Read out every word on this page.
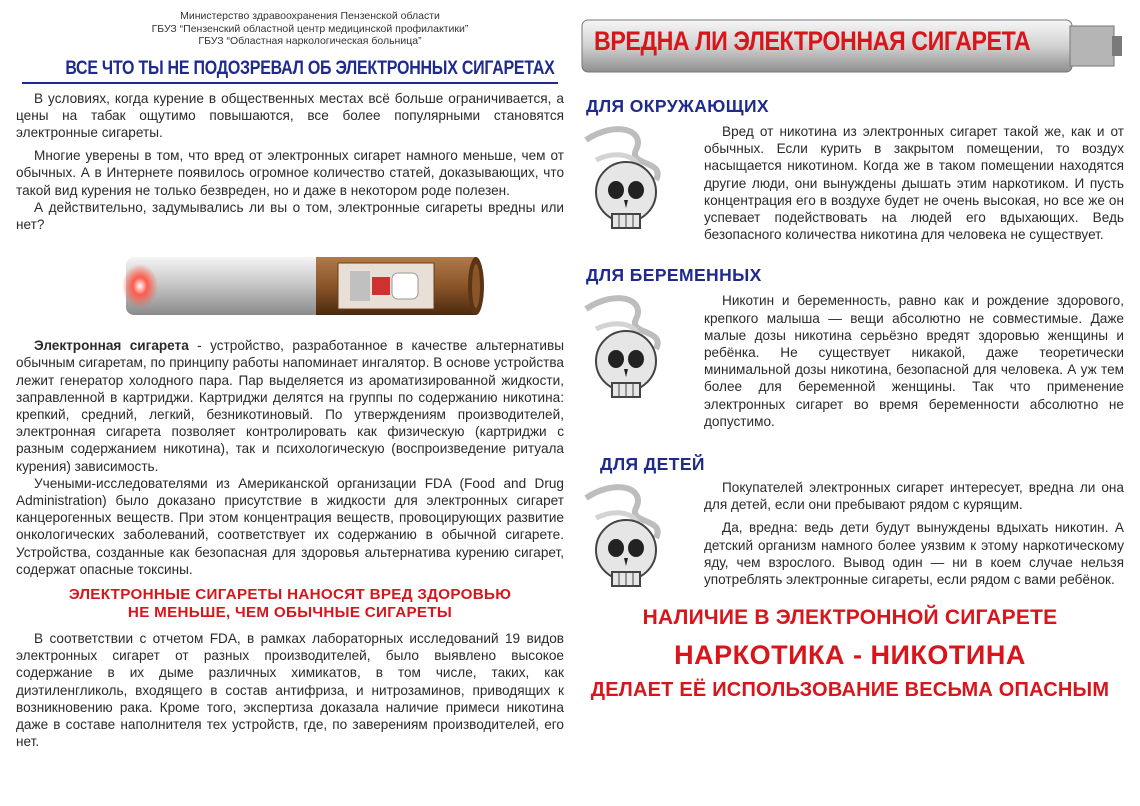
Министерство здравоохранения Пензенской области
ГБУЗ “Пензенский областной центр медицинской профилактики”
ГБУЗ “Областная наркологическая больница”
ВСЕ ЧТО ТЫ НЕ ПОДОЗРЕВАЛ ОБ ЭЛЕКТРОННЫХ СИГАРЕТАХ

В условиях, когда курение в общественных местах всё больше ограничивается, а цены на табак ощутимо повышаются, все более популярными становятся электронные сигареты.

Многие уверены в том, что вред от электронных сигарет намного меньше, чем от обычных. А в Интернете появилось огромное количество статей, доказывающих, что такой вид курения не только безвреден, но и даже в некотором роде полезен.

А действительно, задумывались ли вы о том, электронные сигареты вредны или нет?

Электронная сигарета - устройство, разработанное в качестве альтернативы обычным сигаретам, по принципу работы напоминает ингалятор. В основе устройства лежит генератор холодного пара. Пар выделяется из ароматизированной жидкости, заправленной в картриджи. Картриджи делятся на группы по содержанию никотина: крепкий, средний, легкий, безникотиновый. По утверждениям производителей, электронная сигарета позволяет контролировать как физическую (картриджи с разным содержанием никотина), так и психологическую (воспроизведение ритуала курения) зависимость.

Учеными-исследователями из Американской организации FDA (Food and Drug Administration) было доказано присутствие в жидкости для электронных сигарет канцерогенных веществ. При этом концентрация веществ, провоцирующих развитие онкологических заболеваний, соответствует их содержанию в обычной сигарете. Устройства, созданные как безопасная для здоровья альтернатива курению сигарет, содержат опасные токсины.

ЭЛЕКТРОННЫЕ СИГАРЕТЫ НАНОСЯТ ВРЕД ЗДОРОВЬЮ
НЕ МЕНЬШЕ, ЧЕМ ОБЫЧНЫЕ СИГАРЕТЫ

В соответствии с отчетом FDA, в рамках лабораторных исследований 19 видов электронных сигарет от разных производителей, было выявлено высокое содержание в их дыме различных химикатов, в том числе, таких, как диэтиленгликоль, входящего в состав антифриза, и нитрозаминов, приводящих к возникновению рака. Кроме того, экспертиза доказала наличие примеси никотина даже в составе наполнителя тех устройств, где, по заверениям производителей, его нет.

ВРЕДНА ЛИ ЭЛЕКТРОННАЯ СИГАРЕТА
ДЛЯ ОКРУЖАЮЩИХ

Вред от никотина из электронных сигарет такой же, как и от обычных. Если курить в закрытом помещении, то воздух насыщается никотином. Когда же в таком помещении находятся другие люди, они вынуждены дышать этим наркотиком. И пусть концентрация его в воздухе будет не очень высокая, но все же он успевает подействовать на людей его вдыхающих. Ведь безопасного количества никотина для человека не существует.

ДЛЯ БЕРЕМЕННЫХ

Никотин и беременность, равно как и рождение здорового, крепкого малыша — вещи абсолютно не совместимые. Даже малые дозы никотина серьёзно вредят здоровью женщины и ребёнка. Не существует никакой, даже теоретически минимальной дозы никотина, безопасной для человека. А уж тем более для беременной женщины. Так что применение электронных сигарет во время беременности абсолютно не допустимо.

ДЛЯ ДЕТЕЙ

Покупателей электронных сигарет интересует, вредна ли она для детей, если они пребывают рядом с курящим.

Да, вредна: ведь дети будут вынуждены вдыхать никотин. А детский организм намного более уязвим к этому наркотическому яду, чем взрослого. Вывод один — ни в коем случае нельзя употреблять электронные сигареты, если рядом с вами ребёнок.

НАЛИЧИЕ В ЭЛЕКТРОННОЙ СИГАРЕТЕ
НАРКОТИКА - НИКОТИНА
ДЕЛАЕТ ЕЁ ИСПОЛЬЗОВАНИЕ ВЕСЬМА ОПАСНЫМ
